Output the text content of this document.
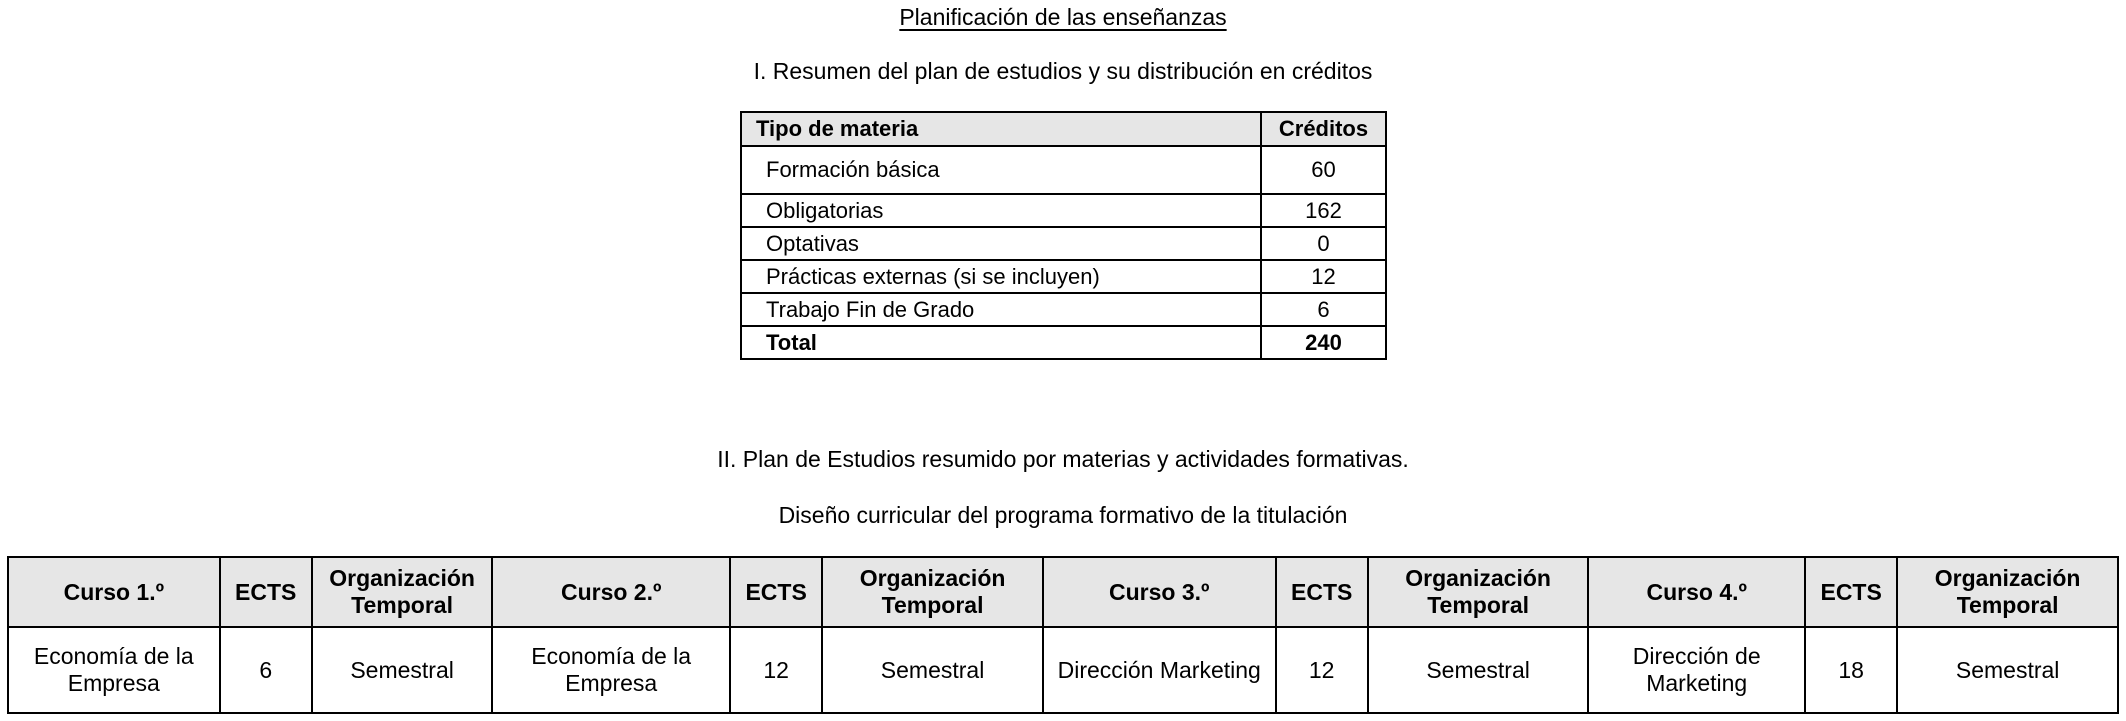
Planificación de las enseñanzas
I. Resumen del plan de estudios y su distribución en créditos
Tipo de materia	Créditos
Formación básica	60
Obligatorias	162
Optativas	0
Prácticas externas (si se incluyen)	12
Trabajo Fin de Grado	6
Total	240
II. Plan de Estudios resumido por materias y actividades formativas.
Diseño curricular del programa formativo de la titulación
Curso 1.º	ECTS	Organización Temporal	Curso 2.º	ECTS	Organización Temporal	Curso 3.º	ECTS	Organización Temporal	Curso 4.º	ECTS	Organización Temporal
Economía de la Empresa	6	Semestral	Economía de la Empresa	12	Semestral	Dirección Marketing	12	Semestral	Dirección de Marketing	18	Semestral
